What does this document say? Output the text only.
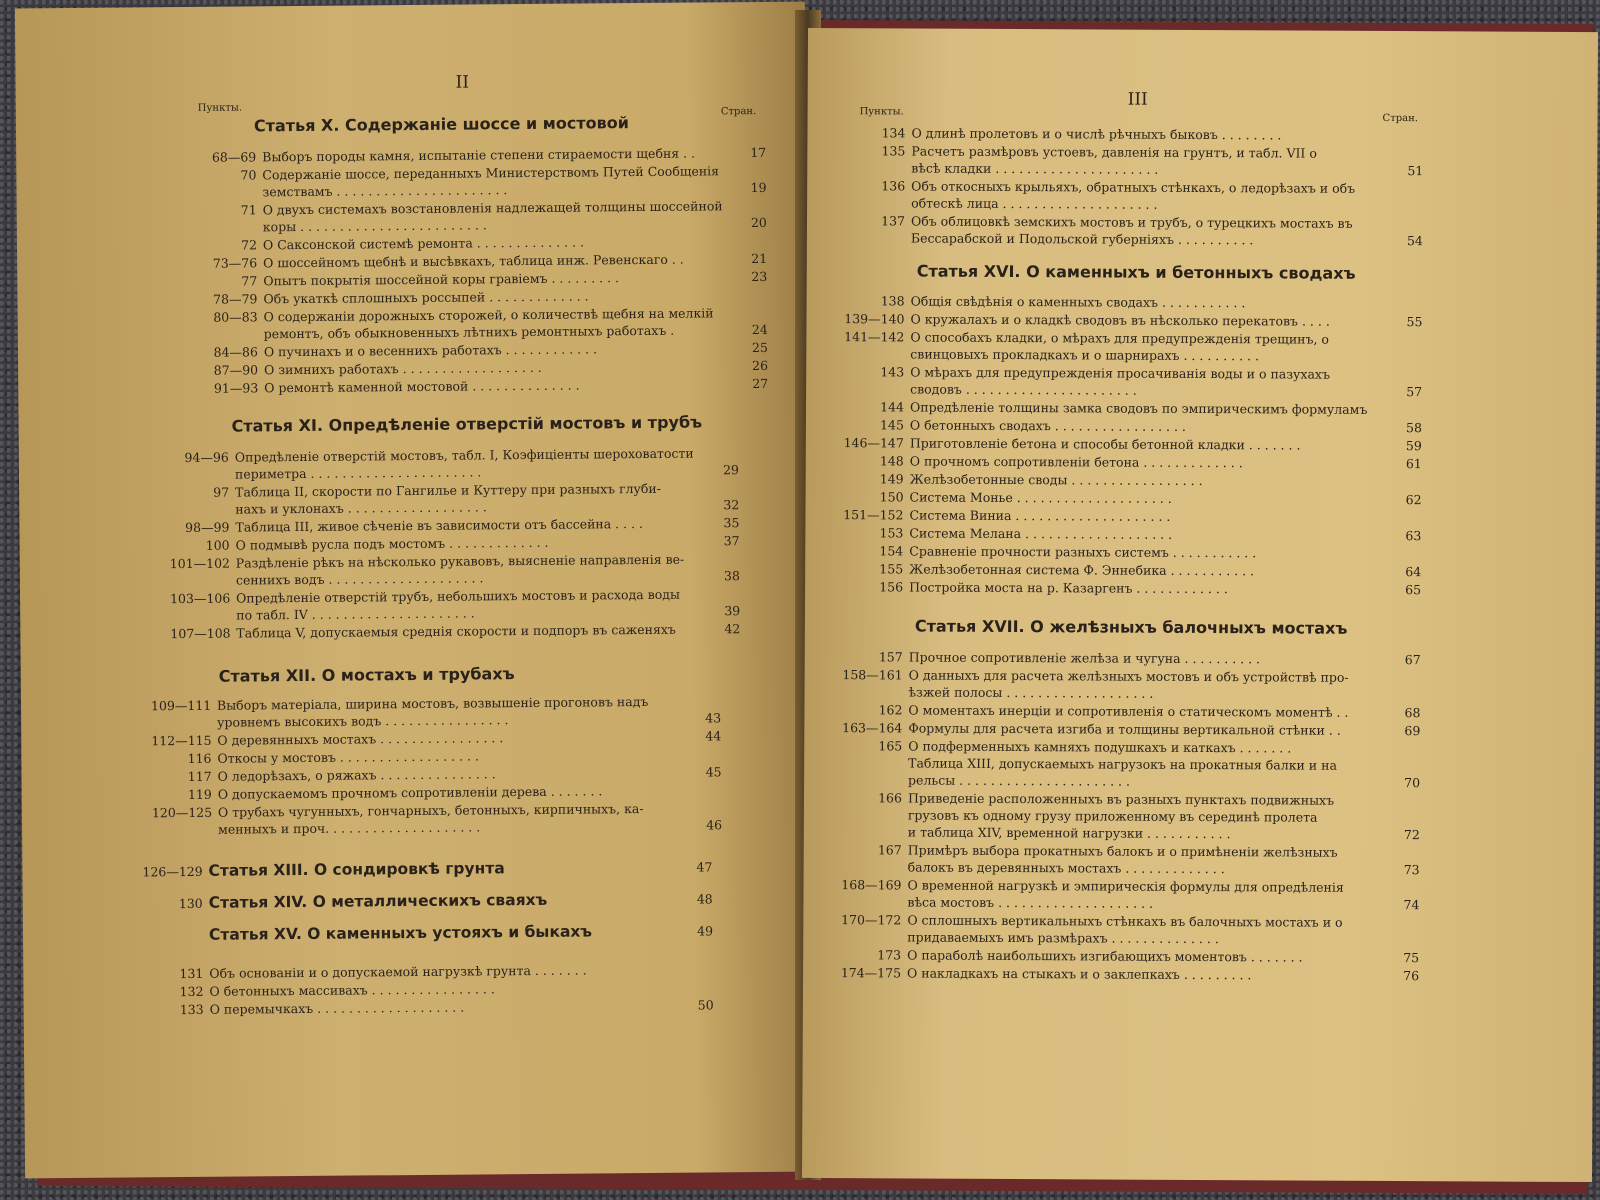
II
Пункты.	Стран.
Статья X. Содержаніе шоссе и мостовой
68—69 Выборъ породы камня, испытаніе степени стираемости щебня . .	17
70 Содержаніе шоссе, переданныхъ Министерствомъ Путей Сообщенія
земствамъ . . . . . . . . . . . . . . . . . . . . . .	19
71 О двухъ системахъ возстановленія надлежащей толщины шоссейной
коры . . . . . . . . . . . . . . . . . . . . . . . .	20
72 О Саксонской системѣ ремонта . . . . . . . . . . . . . .
73—76 О шоссейномъ щебнѣ и высѣвкахъ, таблица инж. Ревенскаго . .	21
77 Опытъ покрытія шоссейной коры гравіемъ . . . . . . . . .	23
78—79 Объ укаткѣ сплошныхъ россыпей . . . . . . . . . . . . .
80—83 О содержаніи дорожныхъ сторожей, о количествѣ щебня на мелкій
ремонтъ, объ обыкновенныхъ лѣтнихъ ремонтныхъ работахъ .	24
84—86 О пучинахъ и о весеннихъ работахъ . . . . . . . . . . . .	25
87—90 О зимнихъ работахъ . . . . . . . . . . . . . . . . . .	26
91—93 О ремонтѣ каменной мостовой . . . . . . . . . . . . . .	27
Статья XI. Опредѣленіе отверстій мостовъ и трубъ
94—96 Опредѣленіе отверстій мостовъ, табл. I, Коэфиціенты шероховатости
периметра . . . . . . . . . . . . . . . . . . . . . .	29
97 Таблица II, скорости по Гангилье и Куттеру при разныхъ глуби-
нахъ и уклонахъ . . . . . . . . . . . . . . . . . .	32
98—99 Таблица III, живое сѣченіе въ зависимости отъ бассейна . . . .	35
100 О подмывѣ русла подъ мостомъ . . . . . . . . . . . . .	37
101—102 Раздѣленіе рѣкъ на нѣсколько рукавовъ, выясненіе направленія ве-
сеннихъ водъ . . . . . . . . . . . . . . . . . . . .	38
103—106 Опредѣленіе отверстій трубъ, небольшихъ мостовъ и расхода воды
по табл. IV . . . . . . . . . . . . . . . . . . . . .	39
107—108 Таблица V, допускаемыя среднія скорости и подпоръ въ саженяхъ	42
Статья XII. О мостахъ и трубахъ
109—111 Выборъ матеріала, ширина мостовъ, возвышеніе прогоновъ надъ
уровнемъ высокихъ водъ . . . . . . . . . . . . . . . .	43
112—115 О деревянныхъ мостахъ . . . . . . . . . . . . . . . .	44
116 Откосы у мостовъ . . . . . . . . . . . . . . . . . .
117 О ледорѣзахъ, о ряжахъ . . . . . . . . . . . . . . .	45
119 О допускаемомъ прочномъ сопротивленіи дерева . . . . . . .
120—125 О трубахъ чугунныхъ, гончарныхъ, бетонныхъ, кирпичныхъ, ка-
менныхъ и проч. . . . . . . . . . . . . . . . . . . .	46
126—129 Статья XIII. О сондировкѣ грунта	47
130 Статья XIV. О металлическихъ сваяхъ	48
Статья XV. О каменныхъ устояхъ и быкахъ	49
131 Объ основаніи и о допускаемой нагрузкѣ грунта . . . . . . .
132 О бетонныхъ массивахъ . . . . . . . . . . . . . . . .
133 О перемычкахъ . . . . . . . . . . . . . . . . . . .	50
III
Пункты.
Стран.
134 О длинѣ пролетовъ и о числѣ рѣчныхъ быковъ . . . . . . . .
135 Расчетъ размѣровъ устоевъ, давленія на грунтъ, и табл. VII о
вѣсѣ кладки . . . . . . . . . . . . . . . . . . . . .	51
136 Объ откосныхъ крыльяхъ, обратныхъ стѣнкахъ, о ледорѣзахъ и объ
обтескѣ лица . . . . . . . . . . . . . . . . . . . .
137 Объ облицовкѣ земскихъ мостовъ и трубъ, о турецкихъ мостахъ въ
Бессарабской и Подольской губерніяхъ . . . . . . . . . .	54
Статья XVI. О каменныхъ и бетонныхъ сводахъ
138 Общія свѣдѣнія о каменныхъ сводахъ . . . . . . . . . . .
139—140 О кружалахъ и о кладкѣ сводовъ въ нѣсколько перекатовъ . . . .	55
141—142 О способахъ кладки, о мѣрахъ для предупрежденія трещинъ, о
свинцовыхъ прокладкахъ и о шарнирахъ . . . . . . . . . .
143 О мѣрахъ для предупрежденія просачиванія воды и о пазухахъ
сводовъ . . . . . . . . . . . . . . . . . . . . . .	57
144 Опредѣленіе толщины замка сводовъ по эмпирическимъ формуламъ
145 О бетонныхъ сводахъ . . . . . . . . . . . . . . . . .	58
146—147 Приготовленіе бетона и способы бетонной кладки . . . . . . .	59
148 О прочномъ сопротивленіи бетона . . . . . . . . . . . . .	61
149 Желѣзобетонные своды . . . . . . . . . . . . . . . . .
150 Система Монье . . . . . . . . . . . . . . . . . . . .	62
151—152 Система Виниа . . . . . . . . . . . . . . . . . . . .
153 Система Мелана . . . . . . . . . . . . . . . . . . .	63
154 Сравненіе прочности разныхъ системъ . . . . . . . . . . .
155 Желѣзобетонная система Ф. Эннебика . . . . . . . . . . .	64
156 Постройка моста на р. Казаргенъ . . . . . . . . . . . .	65
Статья XVII. О желѣзныхъ балочныхъ мостахъ
157 Прочное сопротивленіе желѣза и чугуна . . . . . . . . . .	67
158—161 О данныхъ для расчета желѣзныхъ мостовъ и объ устройствѣ про-
ѣзжей полосы . . . . . . . . . . . . . . . . . . .
162 О моментахъ инерціи и сопротивленія о статическомъ моментѣ . .	68
163—164 Формулы для расчета изгиба и толщины вертикальной стѣнки . .	69
165 О подферменныхъ камняхъ подушкахъ и каткахъ . . . . . . .
Таблица XIII, допускаемыхъ нагрузокъ на прокатныя балки и на
рельсы . . . . . . . . . . . . . . . . . . . . . .	70
166 Приведеніе расположенныхъ въ разныхъ пунктахъ подвижныхъ
грузовъ къ одному грузу приложенному въ серединѣ пролета
и таблица XIV, временной нагрузки . . . . . . . . . . .	72
167 Примѣръ выбора прокатныхъ балокъ и о примѣненіи желѣзныхъ
балокъ въ деревянныхъ мостахъ . . . . . . . . . . . . .	73
168—169 О временной нагрузкѣ и эмпирическія формулы для опредѣленія
вѣса мостовъ . . . . . . . . . . . . . . . . . . . .	74
170—172 О сплошныхъ вертикальныхъ стѣнкахъ въ балочныхъ мостахъ и о
придаваемыхъ имъ размѣрахъ . . . . . . . . . . . . . .
173 О параболѣ наибольшихъ изгибающихъ моментовъ . . . . . . .	75
174—175 О накладкахъ на стыкахъ и о заклепкахъ . . . . . . . . .	76
